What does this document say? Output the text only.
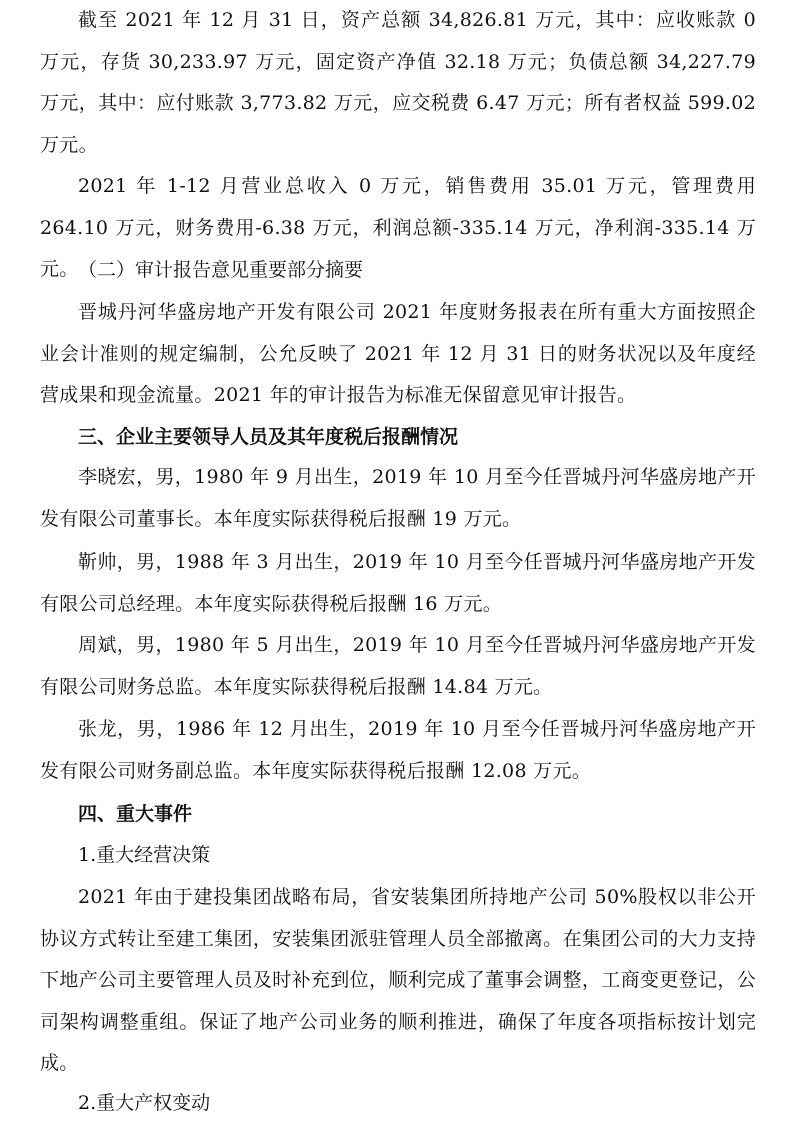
截至 2021 年 12 月 31 日，资产总额 34,826.81 万元，其中：应收账款 0 万元，存货 30,233.97 万元，固定资产净值 32.18 万元；负债总额 34,227.79 万元，其中：应付账款 3,773.82 万元，应交税费 6.47 万元；所有者权益 599.02 万元。

2021 年 1-12 月营业总收入 0 万元，销售费用 35.01 万元，管理费用 264.10 万元，财务费用-6.38 万元，利润总额-335.14 万元，净利润-335.14 万元。 （二）审计报告意见重要部分摘要

晋城丹河华盛房地产开发有限公司 2021 年度财务报表在所有重大方面按照企业会计准则的规定编制，公允反映了 2021 年 12 月 31 日的财务状况以及年度经营成果和现金流量。2021 年的审计报告为标准无保留意见审计报告。

三、企业主要领导人员及其年度税后报酬情况

李晓宏，男，1980 年 9 月出生，2019 年 10 月至今任晋城丹河华盛房地产开发有限公司董事长。本年度实际获得税后报酬 19 万元。

靳帅，男，1988 年 3 月出生，2019 年 10 月至今任晋城丹河华盛房地产开发有限公司总经理。本年度实际获得税后报酬 16 万元。

周斌，男，1980 年 5 月出生，2019 年 10 月至今任晋城丹河华盛房地产开发有限公司财务总监。本年度实际获得税后报酬 14.84 万元。

张龙，男，1986 年 12 月出生，2019 年 10 月至今任晋城丹河华盛房地产开发有限公司财务副总监。本年度实际获得税后报酬 12.08 万元。

四、重大事件

1.重大经营决策

2021 年由于建投集团战略布局，省安装集团所持地产公司 50%股权以非公开协议方式转让至建工集团，安装集团派驻管理人员全部撤离。在集团公司的大力支持下地产公司主要管理人员及时补充到位，顺利完成了董事会调整，工商变更登记，公司架构调整重组。保证了地产公司业务的顺利推进，确保了年度各项指标按计划完成。

2.重大产权变动
